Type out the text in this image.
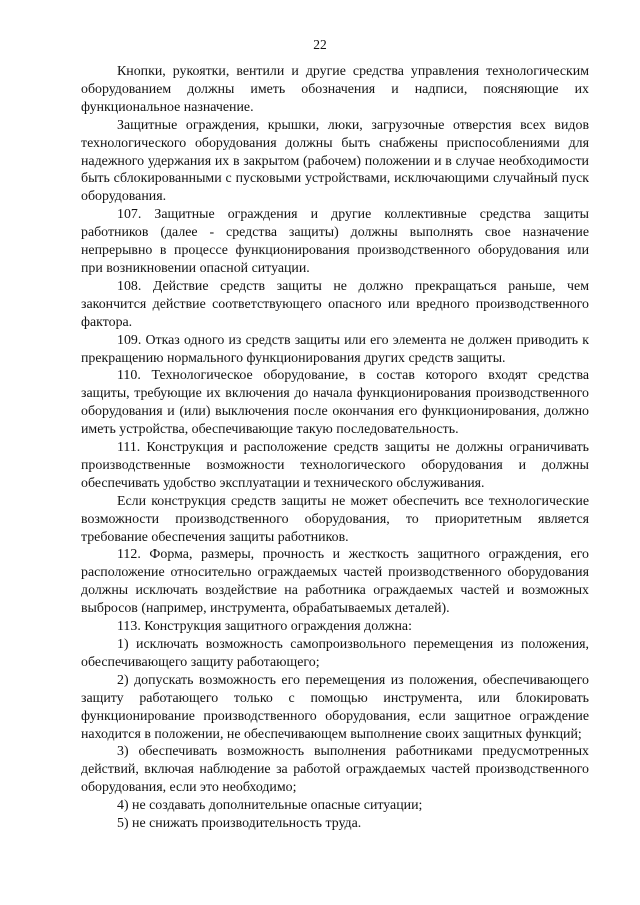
22

Кнопки, рукоятки, вентили и другие средства управления технологическим оборудованием должны иметь обозначения и надписи, поясняющие их функциональное назначение.

Защитные ограждения, крышки, люки, загрузочные отверстия всех видов технологического оборудования должны быть снабжены приспособлениями для надежного удержания их в закрытом (рабочем) положении и в случае необходимости быть сблокированными с пусковыми устройствами, исключающими случайный пуск оборудования.

107. Защитные ограждения и другие коллективные средства защиты работников (далее - средства защиты) должны выполнять свое назначение непрерывно в процессе функционирования производственного оборудования или при возникновении опасной ситуации.

108. Действие средств защиты не должно прекращаться раньше, чем закончится действие соответствующего опасного или вредного производственного фактора.

109. Отказ одного из средств защиты или его элемента не должен приводить к прекращению нормального функционирования других средств защиты.

110. Технологическое оборудование, в состав которого входят средства защиты, требующие их включения до начала функционирования производственного оборудования и (или) выключения после окончания его функционирования, должно иметь устройства, обеспечивающие такую последовательность.

111. Конструкция и расположение средств защиты не должны ограничивать производственные возможности технологического оборудования и должны обеспечивать удобство эксплуатации и технического обслуживания.

Если конструкция средств защиты не может обеспечить все технологические возможности производственного оборудования, то приоритетным является требование обеспечения защиты работников.

112. Форма, размеры, прочность и жесткость защитного ограждения, его расположение относительно ограждаемых частей производственного оборудования должны исключать воздействие на работника ограждаемых частей и возможных выбросов (например, инструмента, обрабатываемых деталей).

113. Конструкция защитного ограждения должна:

1) исключать возможность самопроизвольного перемещения из положения, обеспечивающего защиту работающего;

2) допускать возможность его перемещения из положения, обеспечивающего защиту работающего только с помощью инструмента, или блокировать функционирование производственного оборудования, если защитное ограждение находится в положении, не обеспечивающем выполнение своих защитных функций;

3) обеспечивать возможность выполнения работниками предусмотренных действий, включая наблюдение за работой ограждаемых частей производственного оборудования, если это необходимо;

4) не создавать дополнительные опасные ситуации;

5) не снижать производительность труда.
